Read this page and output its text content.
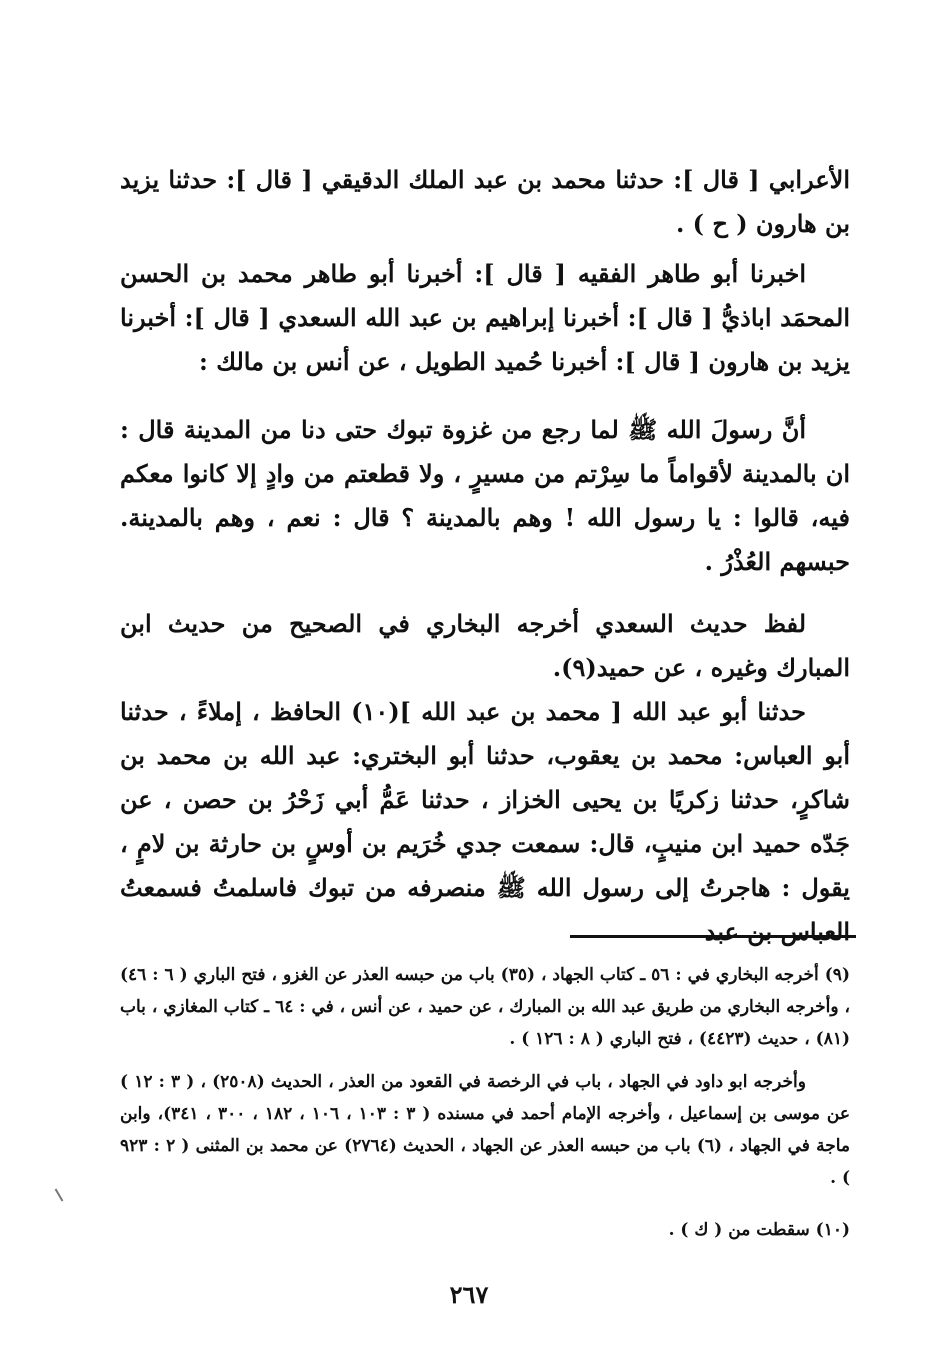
الأعرابي [ قال ]: حدثنا محمد بن عبد الملك الدقيقي [ قال ]: حدثنا يزيد بن هارون ( ح ) .

اخبرنا أبو طاهر الفقيه [ قال ]: أخبرنا أبو طاهر محمد بن الحسن المحمَد اباذيُّ [ قال ]: أخبرنا إبراهيم بن عبد الله السعدي [ قال ]: أخبرنا يزيد بن هارون [ قال ]: أخبرنا حُميد الطويل ، عن أنس بن مالك :

أنَّ رسولَ الله ﷺ لما رجع من غزوة تبوك حتى دنا من المدينة قال : ان بالمدينة لأقواماً ما سِرْتم من مسيرٍ ، ولا قطعتم من وادٍ إلا كانوا معكم فيه، قالوا : يا رسول الله ! وهم بالمدينة ؟ قال : نعم ، وهم بالمدينة. حبسهم العُذْرُ .

لفظ حديث السعدي أخرجه البخاري في الصحيح من حديث ابن المبارك وغيره ، عن حميد(٩).

حدثنا أبو عبد الله [ محمد بن عبد الله ](١٠) الحافظ ، إملاءً ، حدثنا أبو العباس: محمد بن يعقوب، حدثنا أبو البختري: عبد الله بن محمد بن شاكرٍ، حدثنا زكريًا بن يحيى الخزاز ، حدثنا عَمُّ أبي زَحْرُ بن حصن ، عن جَدّه حميد ابن منيبٍ، قال: سمعت جدي خُرَيم بن أوسٍ بن حارثة بن لامٍ ، يقول : هاجرتُ إلى رسول الله ﷺ منصرفه من تبوك فاسلمتُ فسمعتُ العباس بن عبد

(٩) أخرجه البخاري في : ٥٦ ـ كتاب الجهاد ، (٣٥) باب من حبسه العذر عن الغزو ، فتح الباري ( ٦ : ٤٦) ، وأخرجه البخاري من طريق عبد الله بن المبارك ، عن حميد ، عن أنس ، في : ٦٤ ـ كتاب المغازي ، باب (٨١) ، حديث (٤٤٢٣) ، فتح الباري ( ٨ : ١٢٦ ) .

وأخرجه ابو داود في الجهاد ، باب في الرخصة في القعود من العذر ، الحديث (٢٥٠٨) ، ( ٣ : ١٢ ) عن موسى بن إسماعيل ، وأخرجه الإمام أحمد في مسنده ( ٣ : ١٠٣ ، ١٠٦ ، ١٨٢ ، ٣٠٠ ، ٣٤١)، وابن ماجة في الجهاد ، (٦) باب من حبسه العذر عن الجهاد ، الحديث (٢٧٦٤) عن محمد بن المثنى ( ٢ : ٩٢٣ ) .

(١٠) سقطت من ( ك ) .

٢٦٧
